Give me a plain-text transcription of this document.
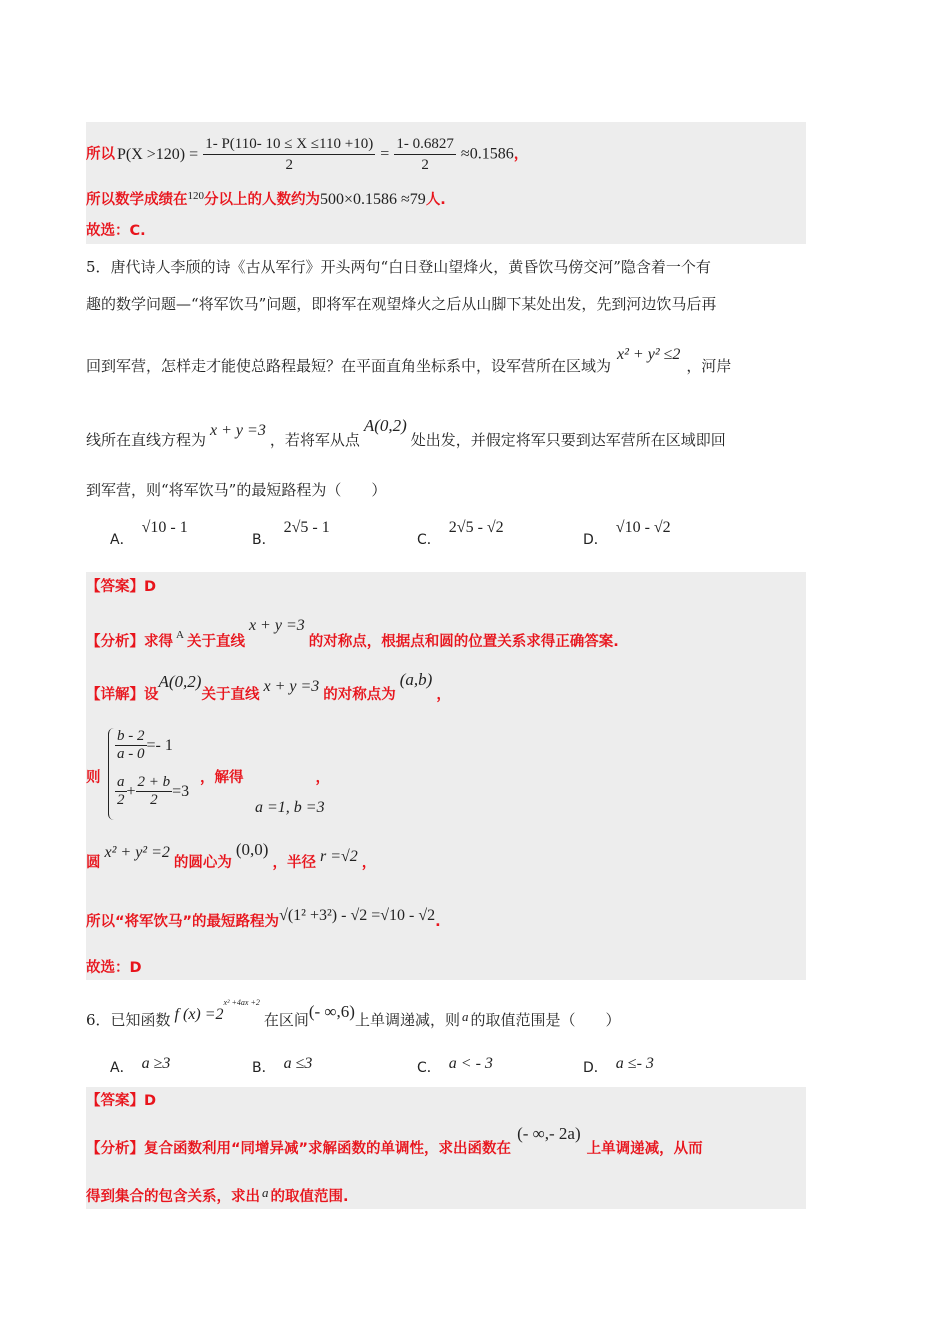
所以 $P(X >120) = \frac{1- P(110- 10 \le X \le 110 +10)}{2} = \frac{1- 0.6827}{2} \approx 0.1586$，
所以数学成绩在$^{120}$分以上的人数约为500×0.1586 ≈79人.
故选：C.
5．唐代诗人李颀的诗《古从军行》开头两句“白日登山望烽火，黄昏饮马傍交河”隐含着一个有
趣的数学问题—“将军饮马”问题，即将军在观望烽火之后从山脚下某处出发，先到河边饮马后再
回到军营，怎样走才能使总路程最短？在平面直角坐标系中，设军营所在区域为x² + y² ≤2，河岸
线所在直线方程为x + y =3，若将军从点A(0,2)处出发，并假定将军只要到达军营所在区域即回
到军营，则“将军饮马”的最短路程为（　　）
A．√10 - 1
B．2√5 - 1
C．2√5 - √2
D．√10 - √2
【答案】D
【分析】求得 $^A$ 关于直线x + y =3的对称点，根据点和圆的位置关系求得正确答案.
【详解】设A(0,2)关于直线 x + y =3 的对称点为(a,b)，
则
$\frac{b - 2}{a - 0} =- 1$
$\frac{a}{2} + \frac{2 + b}{2} =3$
，解得	，
a =1, b =3
圆x² + y² =2的圆心为(0,0)，半径 r =√2 ，
所以“将军饮马”的最短路程为√(1² +3²) - √2 =√10 - √2.
故选：D
6．已知函数 f $(x) =2^{x^2 +4ax +2}$在区间(- ∞,6)上单调递减，则 a 的取值范围是（　　）
A． a ≥3	B． a ≤3	C． a < - 3	D． a ≤- 3
【答案】D
【分析】复合函数利用“同增异减”求解函数的单调性，求出函数在(- ∞,- 2a)上单调递减，从而
得到集合的包含关系，求出 a 的取值范围.
